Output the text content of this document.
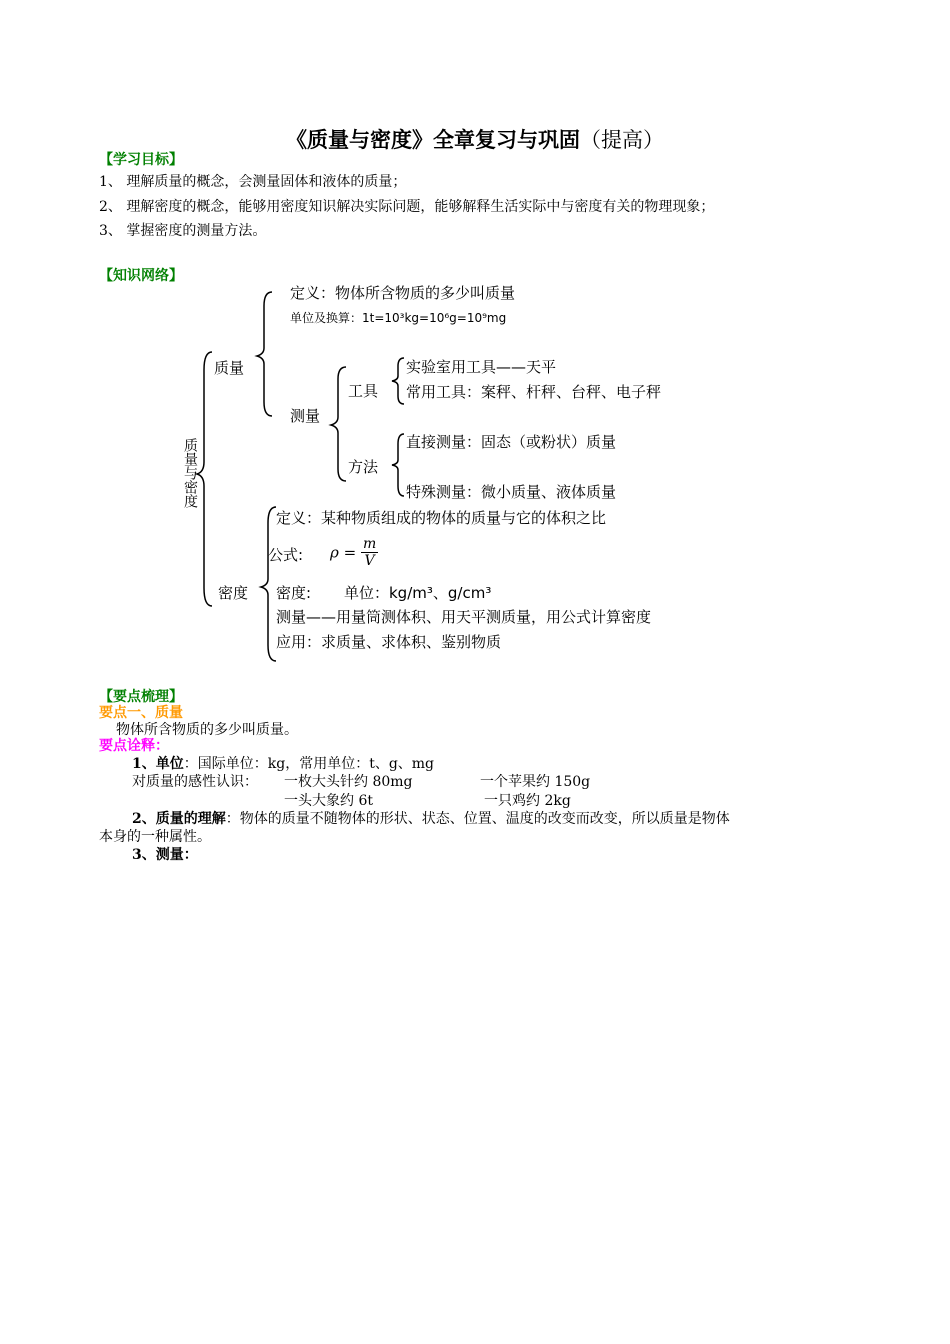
《质量与密度》全章复习与巩固（提高）
【学习目标】
1、 理解质量的概念，会测量固体和液体的质量；
2、 理解密度的概念，能够用密度知识解决实际问题，能够解释生活实际中与密度有关的物理现象；
3、 掌握密度的测量方法。
【知识网络】
质量与密度
质量
密度
定义：物体所含物质的多少叫质量
单位及换算：1t=10³kg=10⁶g=10⁹mg
测量
工具
方法
实验室用工具——天平
常用工具：案秤、杆秤、台秤、电子秤
直接测量：固态（或粉状）质量
特殊测量：微小质量、液体质量
定义：某种物质组成的物体的质量与它的体积之比
公式: $\rho = \frac{m}{V}$
密度: 单位：kg/m³、g/cm³
测量——用量筒测体积、用天平测质量，用公式计算密度
应用：求质量、求体积、鉴别物质
【要点梳理】
要点一、质量
物体所含物质的多少叫质量。
要点诠释：
1、单位：国际单位：kg，常用单位：t、g、mg
对质量的感性认识： 一枚大头针约 80mg	一个苹果约 150g
一头大象约 6t	一只鸡约 2kg
2、质量的理解：物体的质量不随物体的形状、状态、位置、温度的改变而改变，所以质量是物体
本身的一种属性。
3、测量：
